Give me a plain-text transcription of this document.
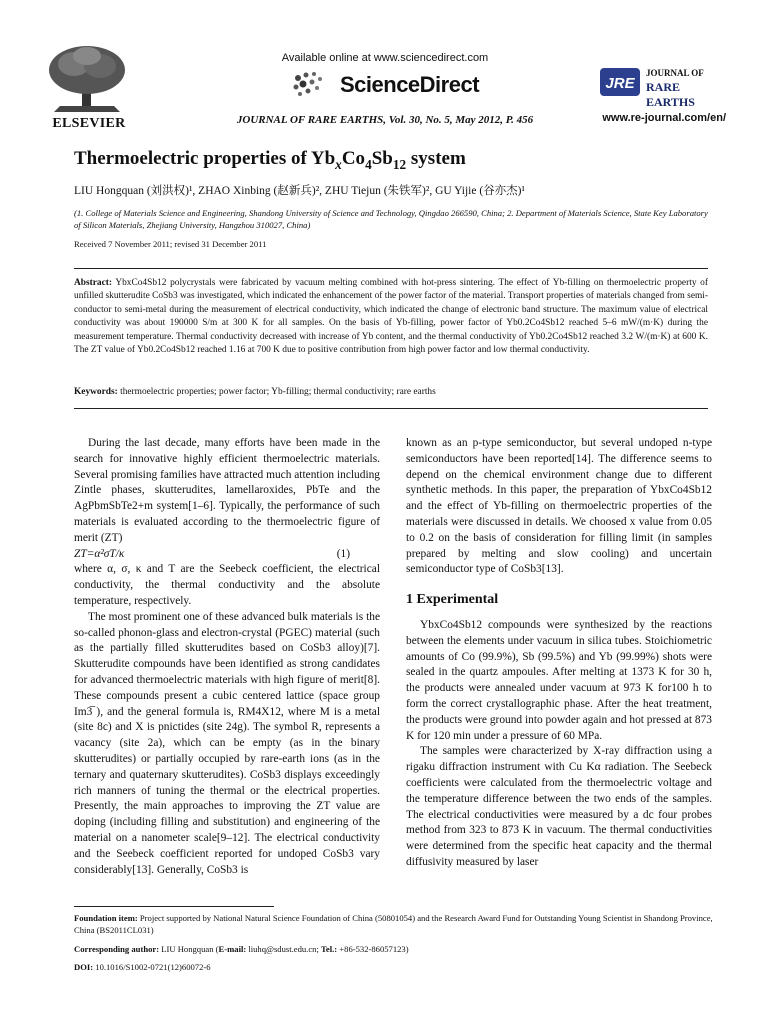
ELSEVIER
Available online at www.sciencedirect.com
ScienceDirect	JRE
JOURNAL OF
RARE EARTHS
JOURNAL OF RARE EARTHS, Vol. 30, No. 5, May 2012, P. 456	www.re-journal.com/en/
Thermoelectric properties of $Yb_xCo_4Sb_{12}$ system
LIU Hongquan (刘洪权)¹, ZHAO Xinbing (赵新兵)², ZHU Tiejun (朱铁军)², GU Yijie (谷亦杰)¹
(1. College of Materials Science and Engineering, Shandong University of Science and Technology, Qingdao 266590, China; 2. Department of Materials Science, State Key Laboratory of Silicon Materials, Zhejiang University, Hangzhou 310027, China)
Received 7 November 2011; revised 31 December 2011
Abstract: YbxCo4Sb12 polycrystals were fabricated by vacuum melting combined with hot-press sintering. The effect of Yb-filling on thermoelectric property of unfilled skutterudite CoSb3 was investigated, which indicated the enhancement of the power factor of the material. Transport properties of materials changed from semi-conductor to semi-metal during the measurement of electrical conductivity, which indicated the change of electronic band structure. The maximum value of electrical conductivity was about 190000 S/m at 300 K for all samples. On the basis of Yb-filling, power factor of Yb0.2Co4Sb12 reached 5–6 mW/(m·K) during the measurement temperature. Thermal conductivity decreased with increase of Yb content, and the thermal conductivity of Yb0.2Co4Sb12 reached 3.2 W/(m·K) at 600 K. The ZT value of Yb0.2Co4Sb12 reached 1.16 at 700 K due to positive contribution from high power factor and low thermal conductivity.
Keywords: thermoelectric properties; power factor; Yb-filling; thermal conductivity; rare earths

During the last decade, many efforts have been made in the search for innovative highly efficient thermoelectric materials. Several promising families have attracted much attention including Zintle phases, skutterudites, lamellaroxides, PbTe and the AgPbmSbTe2+m system[1–6]. Typically, the performance of such materials is evaluated according to the thermoelectric figure of merit (ZT)

ZT=α²σT/κ	(1)

where α, σ, κ and T are the Seebeck coefficient, the electrical conductivity, the thermal conductivity and the absolute temperature, respectively.

The most prominent one of these advanced bulk materials is the so-called phonon-glass and electron-crystal (PGEC) material (such as the partially filled skutterudites based on CoSb3 alloy)[7]. Skutterudite compounds have been identified as strong candidates for advanced thermoelectric materials with high figure of merit[8]. These compounds present a cubic centered lattice (space group Im3̅ ), and the general formula is, RM4X12, where M is a metal (site 8c) and X is pnictides (site 24g). The symbol R, represents a vacancy (site 2a), which can be empty (as in the binary skutterudites) or partially occupied by rare-earth ions (as in the ternary and quaternary skutterudites). CoSb3 displays exceedingly rich manners of tuning the thermal or the electrical properties. Presently, the main approaches to improving the ZT value are doping (including filling and substitution) and engineering of the material on a nanometer scale[9–12]. The electrical conductivity and the Seebeck coefficient reported for undoped CoSb3 vary considerably[13]. Generally, CoSb3 is

known as an p-type semiconductor, but several undoped n-type semiconductors have been reported[14]. The difference seems to depend on the chemical environment change due to different synthetic methods. In this paper, the preparation of YbxCo4Sb12 and the effect of Yb-filling on thermoelectric properties of the materials were discussed in details. We choosed x value from 0.05 to 0.2 on the basis of consideration for filling limit (in samples prepared by melting and slow cooling) and uncertain semiconductor type of CoSb3[13].

1 Experimental

YbxCo4Sb12 compounds were synthesized by the reactions between the elements under vacuum in silica tubes. Stoichiometric amounts of Co (99.9%), Sb (99.5%) and Yb (99.99%) shots were sealed in the quartz ampoules. After melting at 1373 K for 30 h, the products were annealed under vacuum at 973 K for100 h to form the correct crystallographic phase. After the heat treatment, the products were ground into powder again and hot pressed at 873 K for 120 min under a pressure of 60 MPa.

The samples were characterized by X-ray diffraction using a rigaku diffraction instrument with Cu Kα radiation. The Seebeck coefficients were calculated from the thermoelectric voltage and the temperature difference between the two ends of the samples. The electrical conductivities were measured by a dc four probes method from 323 to 873 K in vacuum. The thermal conductivities were determined from the specific heat capacity and the thermal diffusivity measured by laser

Foundation item: Project supported by National Natural Science Foundation of China (50801054) and the Research Award Fund for Outstanding Young Scientist in Shandong Province, China (BS2011CL031)
Corresponding author: LIU Hongquan (E-mail: liuhq@sdust.edu.cn; Tel.: +86-532-86057123)
DOI: 10.1016/S1002-0721(12)60072-6
